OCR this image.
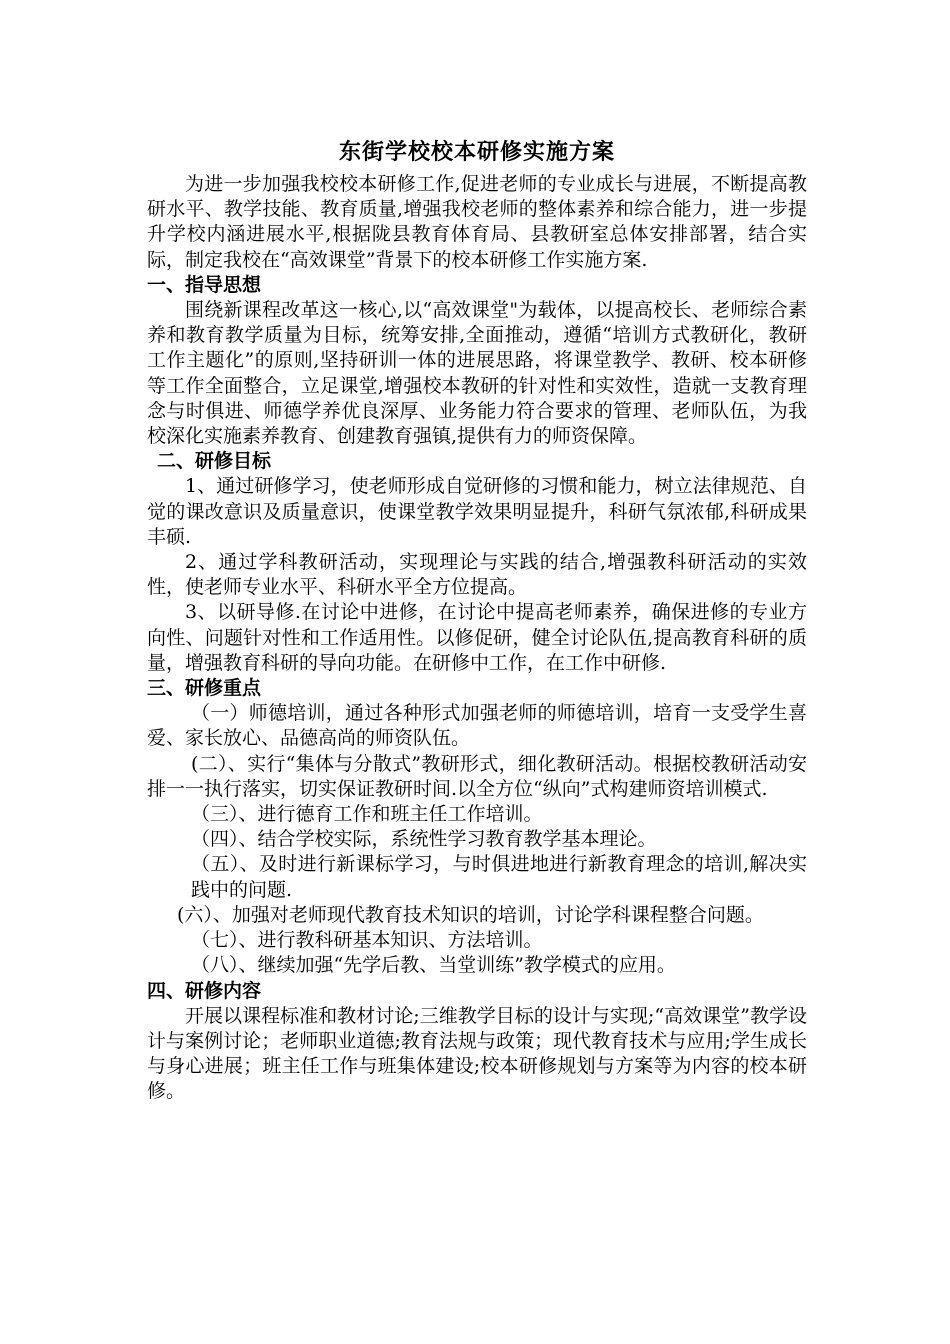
东街学校校本研修实施方案

为进一步加强我校校本研修工作,促进老师的专业成长与进展，不断提高教研水平、教学技能、教育质量,增强我校老师的整体素养和综合能力，进一步提升学校内涵进展水平,根据陇县教育体育局、县教研室总体安排部署，结合实际，制定我校在“高效课堂”背景下的校本研修工作实施方案.

一、指导思想

围绕新课程改革这一核心,以“高效课堂"为载体，以提高校长、老师综合素养和教育教学质量为目标，统筹安排,全面推动，遵循“培训方式教研化，教研工作主题化”的原则,坚持研训一体的进展思路，将课堂教学、教研、校本研修等工作全面整合，立足课堂,增强校本教研的针对性和实效性，造就一支教育理念与时俱进、师德学养优良深厚、业务能力符合要求的管理、老师队伍，为我校深化实施素养教育、创建教育强镇,提供有力的师资保障。

二、研修目标

1、通过研修学习，使老师形成自觉研修的习惯和能力，树立法律规范、自觉的课改意识及质量意识，使课堂教学效果明显提升，科研气氛浓郁,科研成果丰硕.

2、通过学科教研活动，实现理论与实践的结合,增强教科研活动的实效性，使老师专业水平、科研水平全方位提高。

3、以研导修.在讨论中进修，在讨论中提高老师素养，确保进修的专业方向性、问题针对性和工作适用性。以修促研，健全讨论队伍,提高教育科研的质量，增强教育科研的导向功能。在研修中工作，在工作中研修.

三、研修重点

（一）师德培训，通过各种形式加强老师的师德培训，培育一支受学生喜爱、家长放心、品德高尚的师资队伍。

(二）、实行“集体与分散式”教研形式，细化教研活动。根据校教研活动安排一一执行落实，切实保证教研时间.以全方位“纵向”式构建师资培训模式.

（三）、进行德育工作和班主任工作培训。

（四）、结合学校实际，系统性学习教育教学基本理论。

（五）、及时进行新课标学习，与时俱进地进行新教育理念的培训,解决实践中的问题.

(六）、加强对老师现代教育技术知识的培训，讨论学科课程整合问题。

（七）、进行教科研基本知识、方法培训。

（八）、继续加强“先学后教、当堂训练”教学模式的应用。

四、研修内容

开展以课程标准和教材讨论;三维教学目标的设计与实现;“高效课堂”教学设计与案例讨论；老师职业道德;教育法规与政策；现代教育技术与应用;学生成长与身心进展；班主任工作与班集体建设;校本研修规划与方案等为内容的校本研修。
